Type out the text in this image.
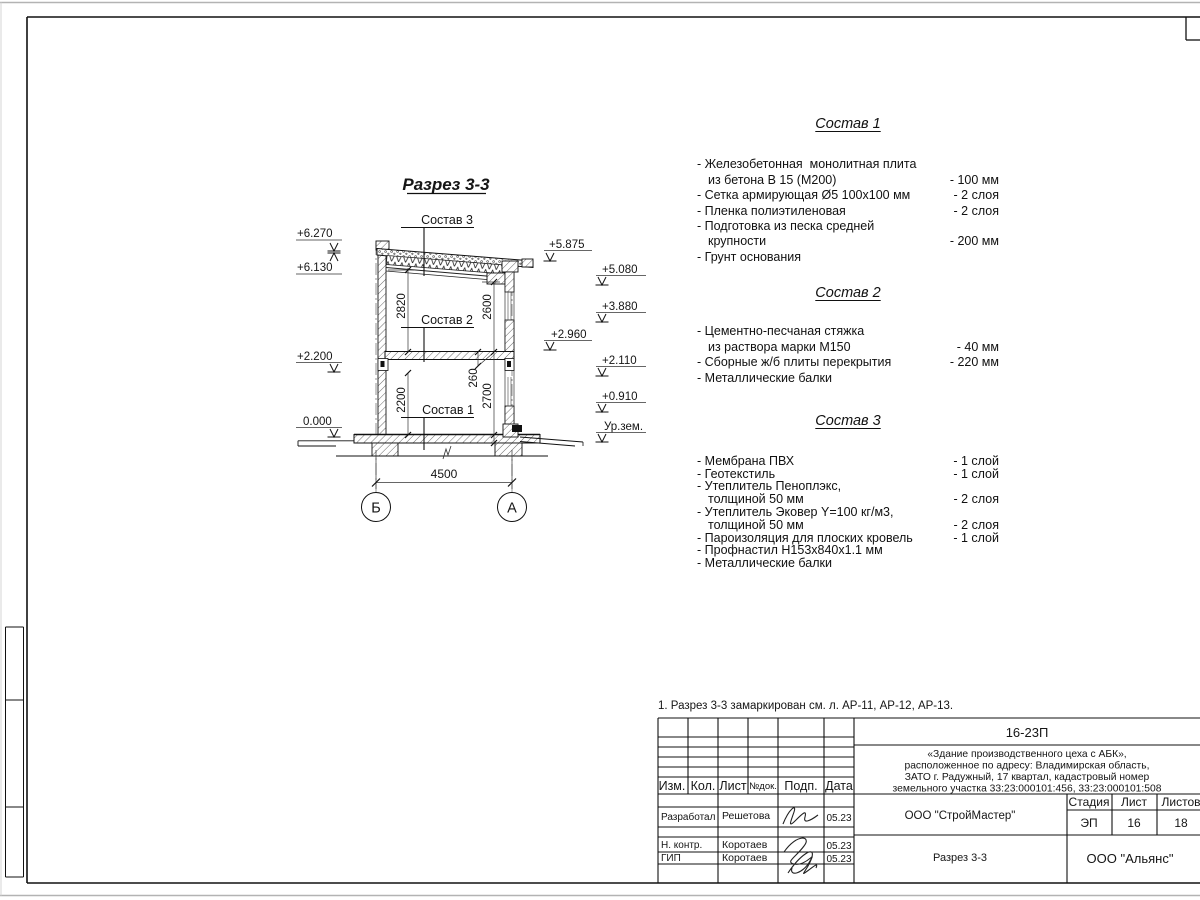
2820	2600
2200	2700
260
4500
Б	А
Разрез 3-3
Состав 3
Состав 2
Состав 1
+6.270
+6.130
+2.200
0.000
+5.875
+5.080
+3.880
+2.960
+2.110
+0.910
Ур.зем.
Изм. Кол. Лист №док. Подп. Дата
Разработал Решетова	05.23
Н. контр. Коротаев	05.23
ГИП	Коротаев	05.23
16-23П
«Здание производственного цеха с АБК»,
расположенное по адресу: Владимирская область,
ЗАТО г. Радужный, 17 квартал, кадастровый номер
земельного участка 33:23:000101:456, 33:23:000101:508
ООО "СтройМастер"
Стадия Лист Листов
ЭП 16	18
Разрез 3-3	ООО "Альянс"
1. Разрез 3-3 замаркирован см. л. АР-11, АР-12, АР-13.
Состав 1
- Железобетонная  монолитная плита
из бетона В 15 (М200)	- 100 мм
- Сетка армирующая Ø5 100x100 мм	- 2 слоя
- Пленка полиэтиленовая	- 2 слоя
- Подготовка из песка средней
крупности	- 200 мм
- Грунт основания
Состав 2
- Цементно-песчаная стяжка
из раствора марки М150	- 40 мм
- Сборные ж/б плиты перекрытия	- 220 мм
- Металлические балки
Состав 3
- Мембрана ПВХ	- 1 слой
- Геотекстиль	- 1 слой
- Утеплитель Пеноплэкс,
толщиной 50 мм	- 2 слоя
- Утеплитель Эковер Y=100 кг/м3,
толщиной 50 мм	- 2 слоя
- Пароизоляция для плоских кровель	- 1 слой
- Профнастил Н153х840х1.1 мм
- Металлические балки
